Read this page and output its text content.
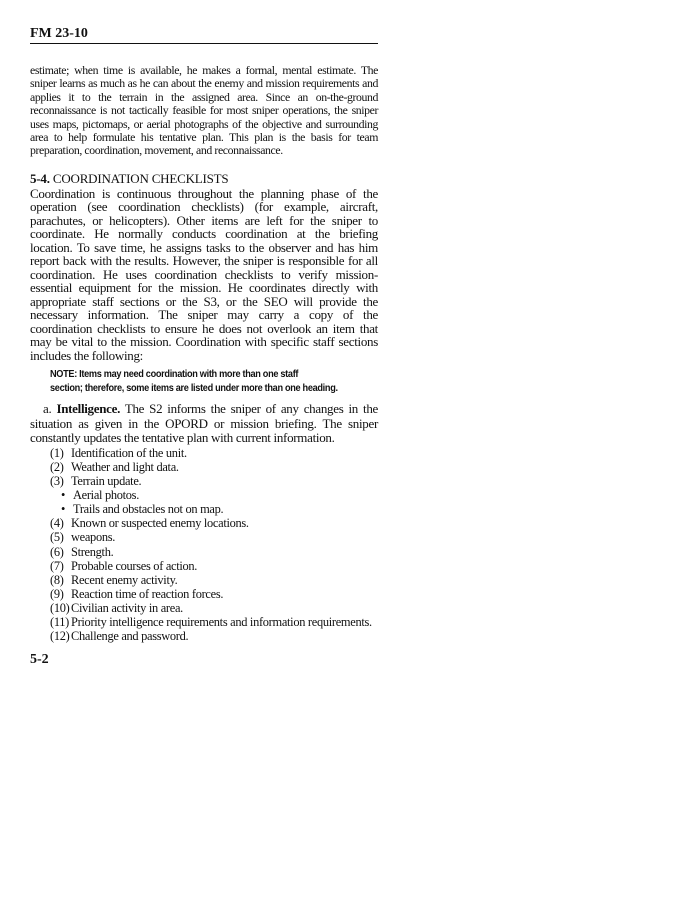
FM 23-10

estimate; when time is available, he makes a formal, mental estimate. The sniper learns as much as he can about the enemy and mission requirements and applies it to the terrain in the assigned area. Since an on-the-ground reconnaissance is not tactically feasible for most sniper operations, the sniper uses maps, pictomaps, or aerial photographs of the objective and surrounding area to help formulate his tentative plan. This plan is the basis for team preparation, coordination, movement, and reconnaissance.

5-4. COORDINATION CHECKLISTS

Coordination is continuous throughout the planning phase of the operation (see coordination checklists) (for example, aircraft, parachutes, or helicopters). Other items are left for the sniper to coordinate. He normally conducts coordination at the briefing location. To save time, he assigns tasks to the observer and has him report back with the results. However, the sniper is responsible for all coordination. He uses coordination checklists to verify mission-essential equipment for the mission. He coordinates directly with appropriate staff sections or the S3, or the SEO will provide the necessary information. The sniper may carry a copy of the coordination checklists to ensure he does not overlook an item that may be vital to the mission. Coordination with specific staff sections includes the following:

NOTE: Items may need coordination with more than one staff
section; therefore, some items are listed under more than one heading.

a. Intelligence. The S2 informs the sniper of any changes in the situation as given in the OPORD or mission briefing. The sniper constantly updates the tentative plan with current information.

(1) Identification of the unit.
(2) Weather and light data.
(3) Terrain update.
• Aerial photos.
• Trails and obstacles not on map.
(4) Known or suspected enemy locations.
(5) weapons.
(6) Strength.
(7) Probable courses of action.
(8) Recent enemy activity.
(9) Reaction time of reaction forces.
(10) Civilian activity in area.
(11) Priority intelligence requirements and information requirements.
(12) Challenge and password.
5-2
